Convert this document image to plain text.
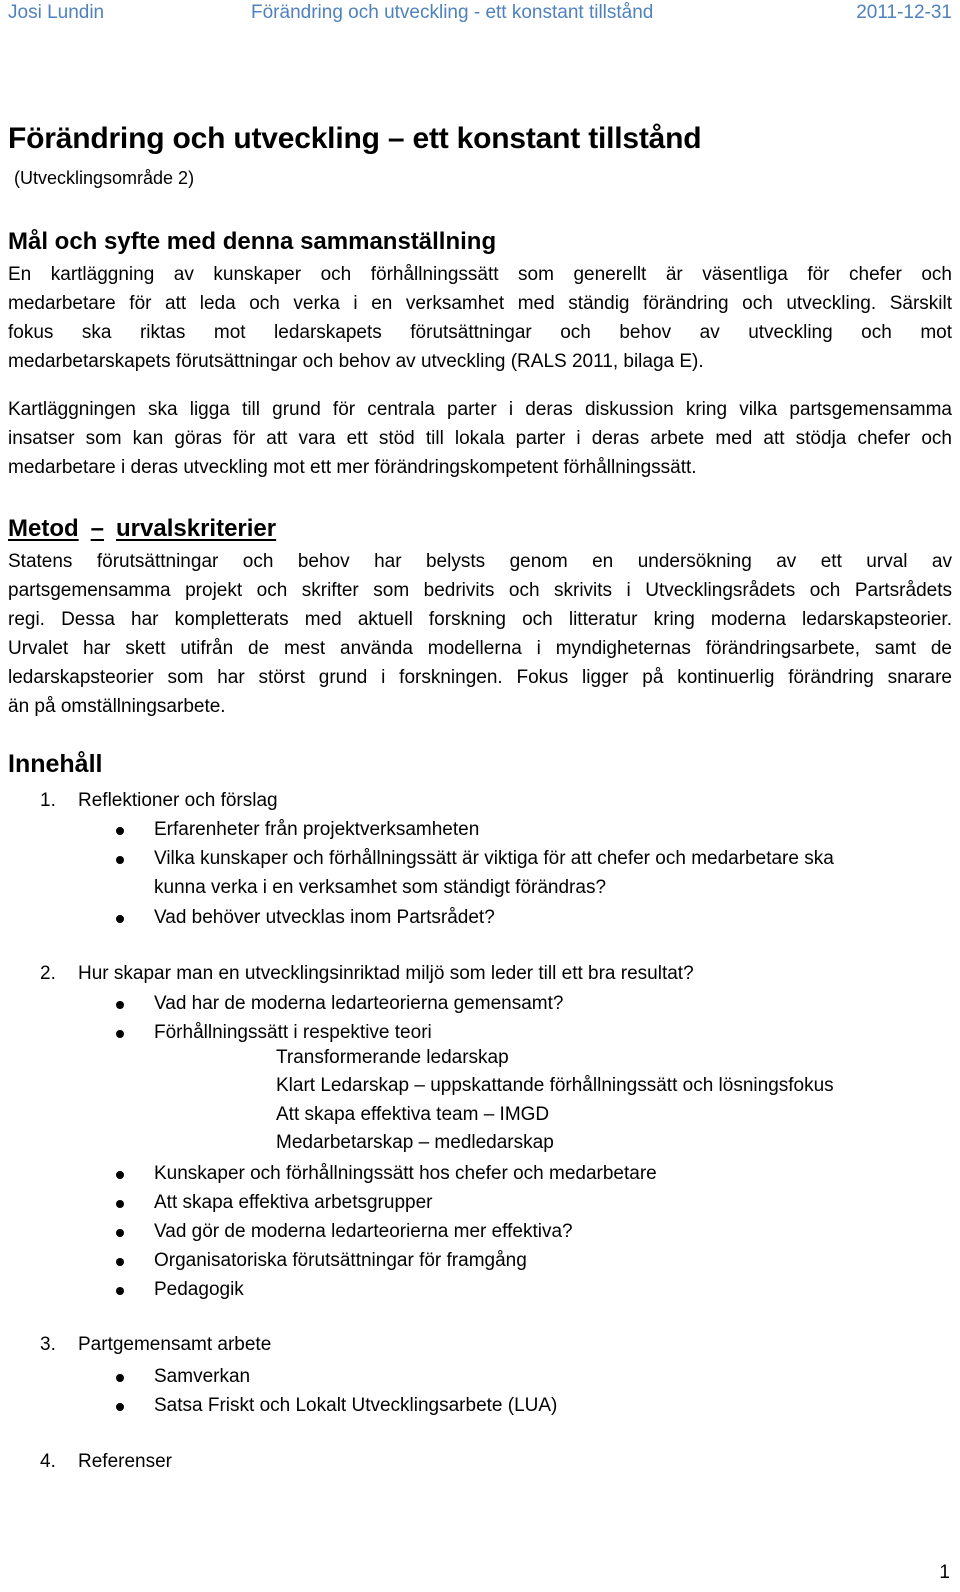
Josi Lundin	Förändring och utveckling - ett konstant tillstånd	2011-12-31
Förändring och utveckling – ett konstant tillstånd
(Utvecklingsområde 2)
Mål och syfte med denna sammanställning
En kartläggning av kunskaper och förhållningssätt som generellt är väsentliga för chefer och
medarbetare för att leda och verka i en verksamhet med ständig förändring och utveckling. Särskilt
fokus ska riktas mot ledarskapets förutsättningar och behov av utveckling och mot
medarbetarskapets förutsättningar och behov av utveckling (RALS 2011, bilaga E).
Kartläggningen ska ligga till grund för centrala parter i deras diskussion kring vilka partsgemensamma
insatser som kan göras för att vara ett stöd till lokala parter i deras arbete med att stödja chefer och
medarbetare i deras utveckling mot ett mer förändringskompetent förhållningssätt.
Metod – urvalskriterier
Statens förutsättningar och behov har belysts genom en undersökning av ett urval av
partsgemensamma projekt och skrifter som bedrivits och skrivits i Utvecklingsrådets och Partsrådets
regi. Dessa har kompletterats med aktuell forskning och litteratur kring moderna ledarskapsteorier.
Urvalet har skett utifrån de mest använda modellerna i myndigheternas förändringsarbete, samt de
ledarskapsteorier som har störst grund i forskningen. Fokus ligger på kontinuerlig förändring snarare
än på omställningsarbete.
Innehåll
1. Reflektioner och förslag
Erfarenheter från projektverksamheten
Vilka kunskaper och förhållningssätt är viktiga för att chefer och medarbetare ska
kunna verka i en verksamhet som ständigt förändras?
Vad behöver utvecklas inom Partsrådet?
2. Hur skapar man en utvecklingsinriktad miljö som leder till ett bra resultat?
Vad har de moderna ledarteorierna gemensamt?
Förhållningssätt i respektive teori
Transformerande ledarskap
Klart Ledarskap – uppskattande förhållningssätt och lösningsfokus
Att skapa effektiva team – IMGD
Medarbetarskap – medledarskap
Kunskaper och förhållningssätt hos chefer och medarbetare
Att skapa effektiva arbetsgrupper
Vad gör de moderna ledarteorierna mer effektiva?
Organisatoriska förutsättningar för framgång
Pedagogik
3. Partgemensamt arbete
Samverkan
Satsa Friskt och Lokalt Utvecklingsarbete (LUA)
4. Referenser
1
